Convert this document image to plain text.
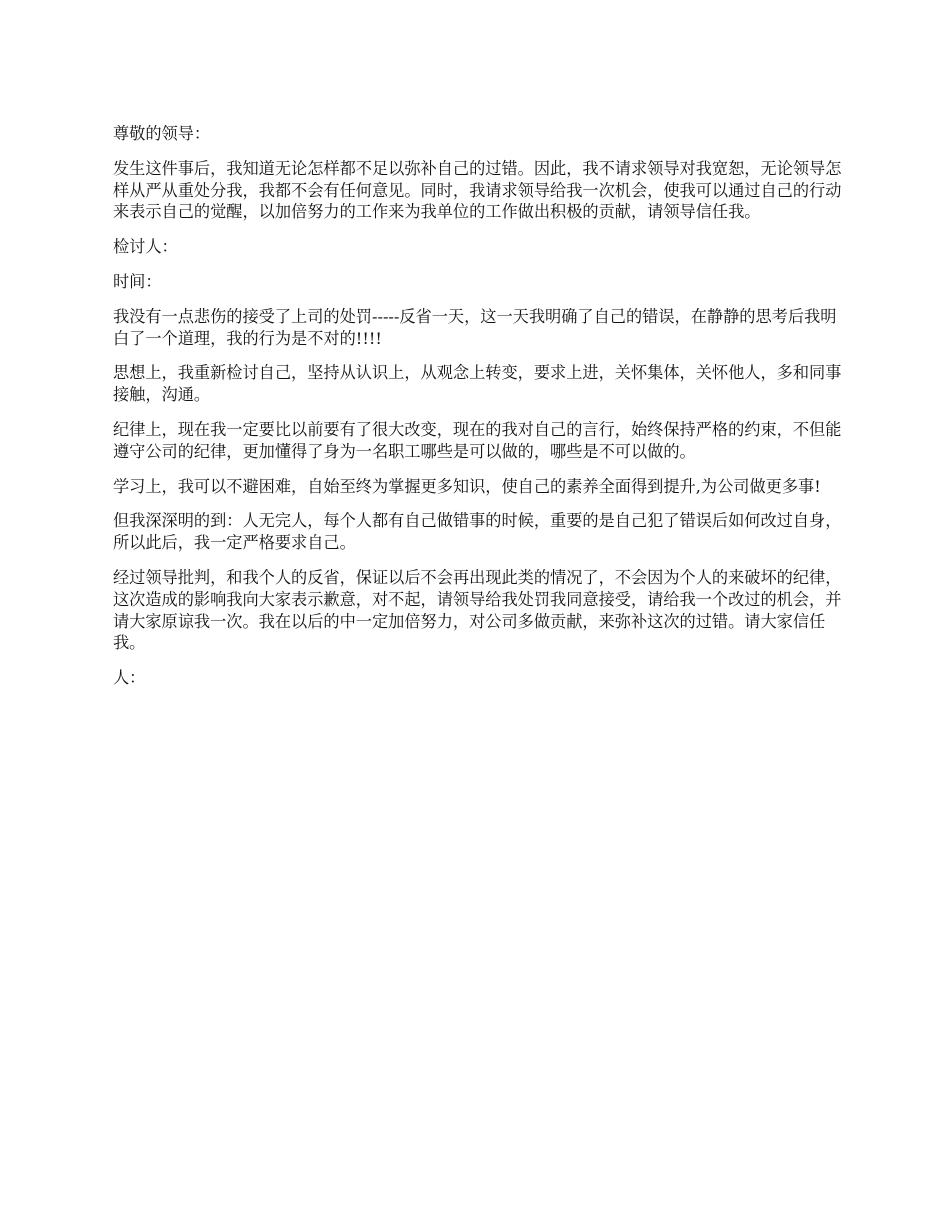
尊敬的领导：

发生这件事后，我知道无论怎样都不足以弥补自己的过错。因此，我不请求领导对我宽恕，无论领导怎样从严从重处分我，我都不会有任何意见。同时，我请求领导给我一次机会，使我可以通过自己的行动来表示自己的觉醒，以加倍努力的工作来为我单位的工作做出积极的贡献，请领导信任我。

检讨人：

时间：

我没有一点悲伤的接受了上司的处罚-----反省一天，这一天我明确了自己的错误，在静静的思考后我明白了一个道理，我的行为是不对的!!!!

思想上，我重新检讨自己，坚持从认识上，从观念上转变，要求上进，关怀集体，关怀他人，多和同事接触，沟通。

纪律上，现在我一定要比以前要有了很大改变，现在的我对自己的言行，始终保持严格的约束，不但能遵守公司的纪律，更加懂得了身为一名职工哪些是可以做的，哪些是不可以做的。

学习上，我可以不避困难，自始至终为掌握更多知识，使自己的素养全面得到提升,为公司做更多事!

但我深深明的到：人无完人，每个人都有自己做错事的时候，重要的是自己犯了错误后如何改过自身，所以此后，我一定严格要求自己。

经过领导批判，和我个人的反省，保证以后不会再出现此类的情况了，不会因为个人的来破坏的纪律，这次造成的影响我向大家表示歉意，对不起，请领导给我处罚我同意接受，请给我一个改过的机会，并请大家原谅我一次。我在以后的中一定加倍努力，对公司多做贡献，来弥补这次的过错。请大家信任我。

人：
